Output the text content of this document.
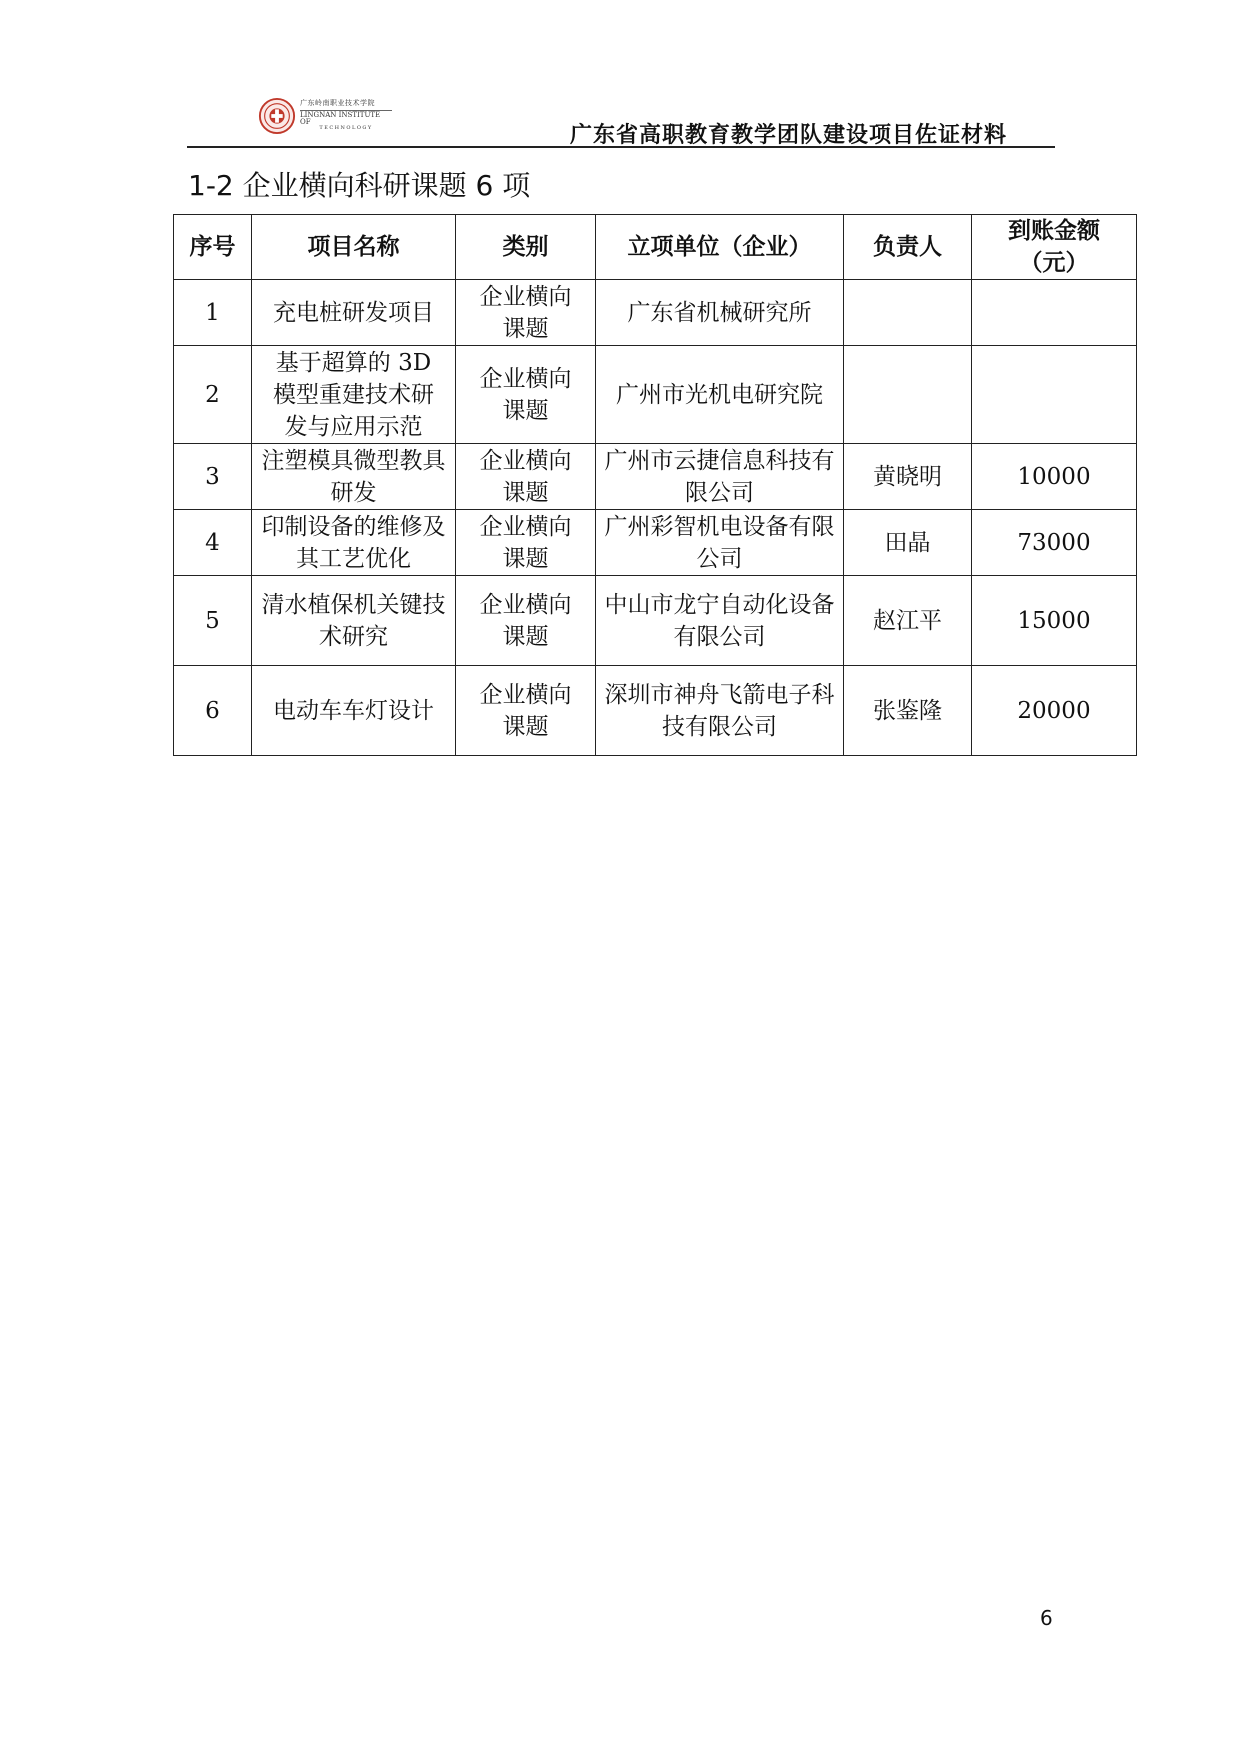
广东岭南职业技术学院
LINGNAN INSTITUTE OF
TECHNOLOGY	广东省高职教育教学团队建设项目佐证材料
1-2 企业横向科研课题 6 项
序号	项目名称	类别	立项单位（企业）	负责人	到账金额（元）
1	充电桩研发项目	企业横向课题	广东省机械研究所		
2	基于超算的 3D 模型重建技术研发与应用示范	企业横向课题	广州市光机电研究院		
3	注塑模具微型教具研发	企业横向课题	广州市云捷信息科技有限公司	黄晓明	10000
4	印制设备的维修及其工艺优化	企业横向课题	广州彩智机电设备有限公司	田晶	73000
5	清水植保机关键技术研究	企业横向课题	中山市龙宁自动化设备有限公司	赵江平	15000
6	电动车车灯设计	企业横向课题	深圳市神舟飞箭电子科技有限公司	张鉴隆	20000
6
